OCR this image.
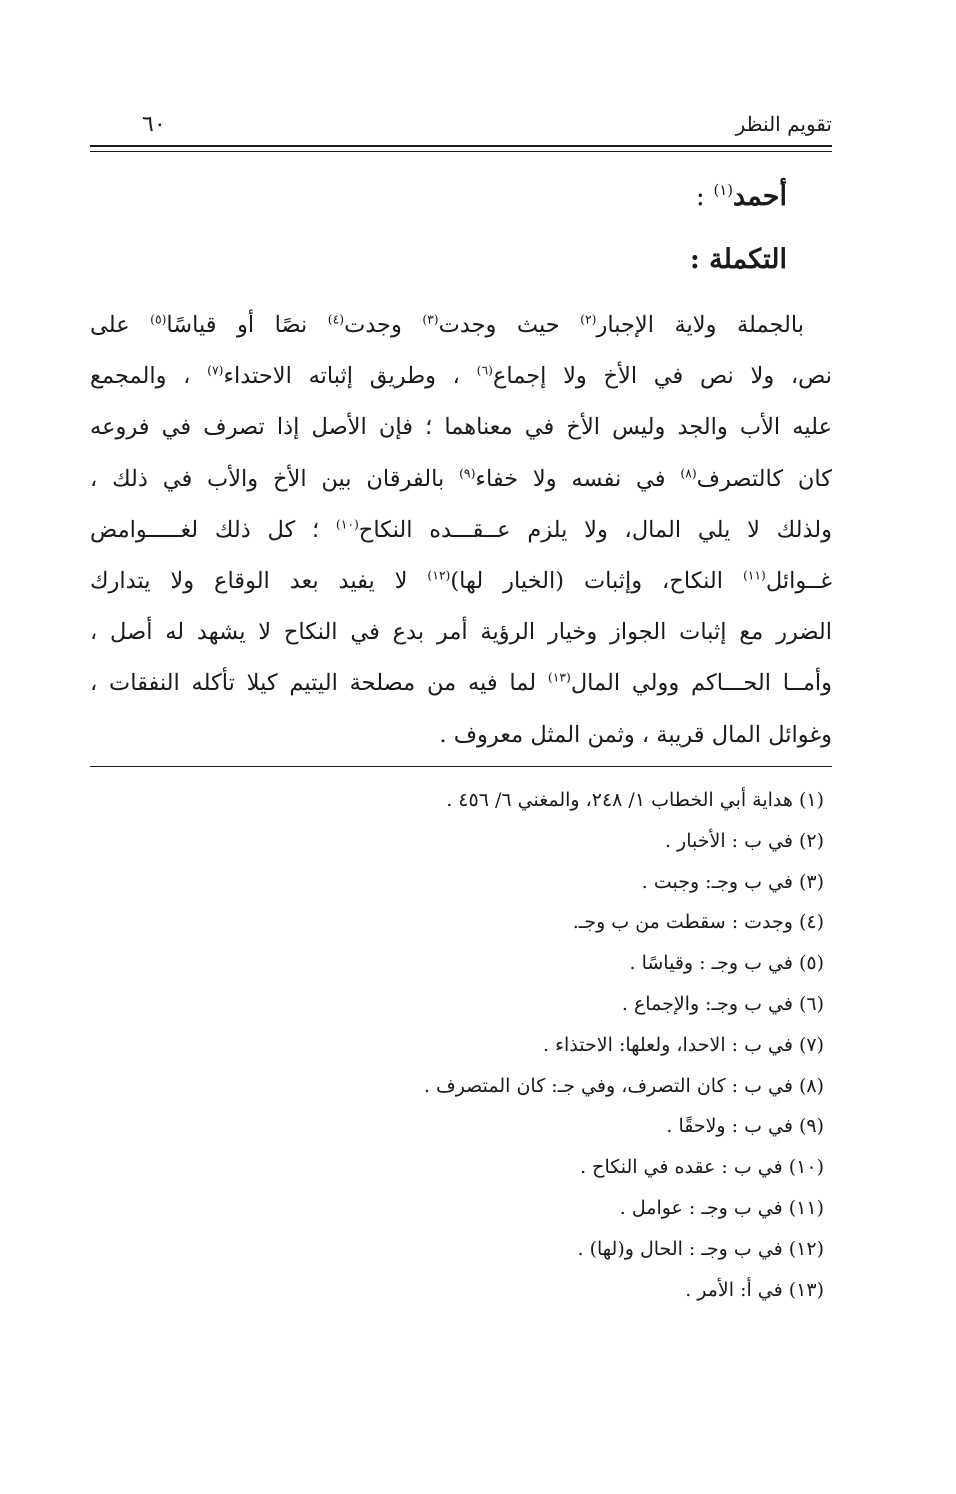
تقويم النظر
٦٠
أحمد$^{(١)}$ :
التكملة :
بالجملة ولاية الإجبار$^{(٢)}$ حيث وجدت$^{(٣)}$ وجدت$^{(٤)}$ نصًا أو قياسًا$^{(٥)}$ على
نص، ولا نص في الأخ ولا إجماع$^{(٦)}$ ، وطريق إثباته الاحتداء$^{(٧)}$ ، والمجمع
عليه الأب والجد وليس الأخ في معناهما ؛ فإن الأصل إذا تصرف في فروعه
كان كالتصرف$^{(٨)}$ في نفسه ولا خفاء$^{(٩)}$ بالفرقان بين الأخ والأب في ذلك ،
ولذلك لا يلي المال، ولا يلزم عــقـــده النكاح$^{(١٠)}$ ؛ كل ذلك لغـــــوامض
غــوائل$^{(١١)}$ النكاح، وإثبات (الخيار لها)$^{(١٢)}$ لا يفيد بعد الوقاع ولا يتدارك
الضرر مع إثبات الجواز وخيار الرؤية أمر بدع في النكاح لا يشهد له أصل ،
وأمــا الحـــاكم وولي المال$^{(١٣)}$ لما فيه من مصلحة اليتيم كيلا تأكله النفقات ،
وغوائل المال قريبة ، وثمن المثل معروف .
(١)هداية أبي الخطاب ١/ ٢٤٨، والمغني ٦/ ٤٥٦ .
(٢)في ب : الأخبار .
(٣)في ب وجـ: وجبت .
(٤)وجدت : سقطت من ب وجـ.
(٥)في ب وجـ : وقياسًا .
(٦)في ب وجـ: والإجماع .
(٧)في ب : الاحدا، ولعلها: الاحتذاء .
(٨)في ب : كان التصرف، وفي جـ: كان المتصرف .
(٩)في ب : ولاحقًا .
(١٠)في ب : عقده في النكاح .
(١١)في ب وجـ : عوامل .
(١٢)في ب وجـ : الحال و(لها) .
(١٣)في أ: الأمر .
